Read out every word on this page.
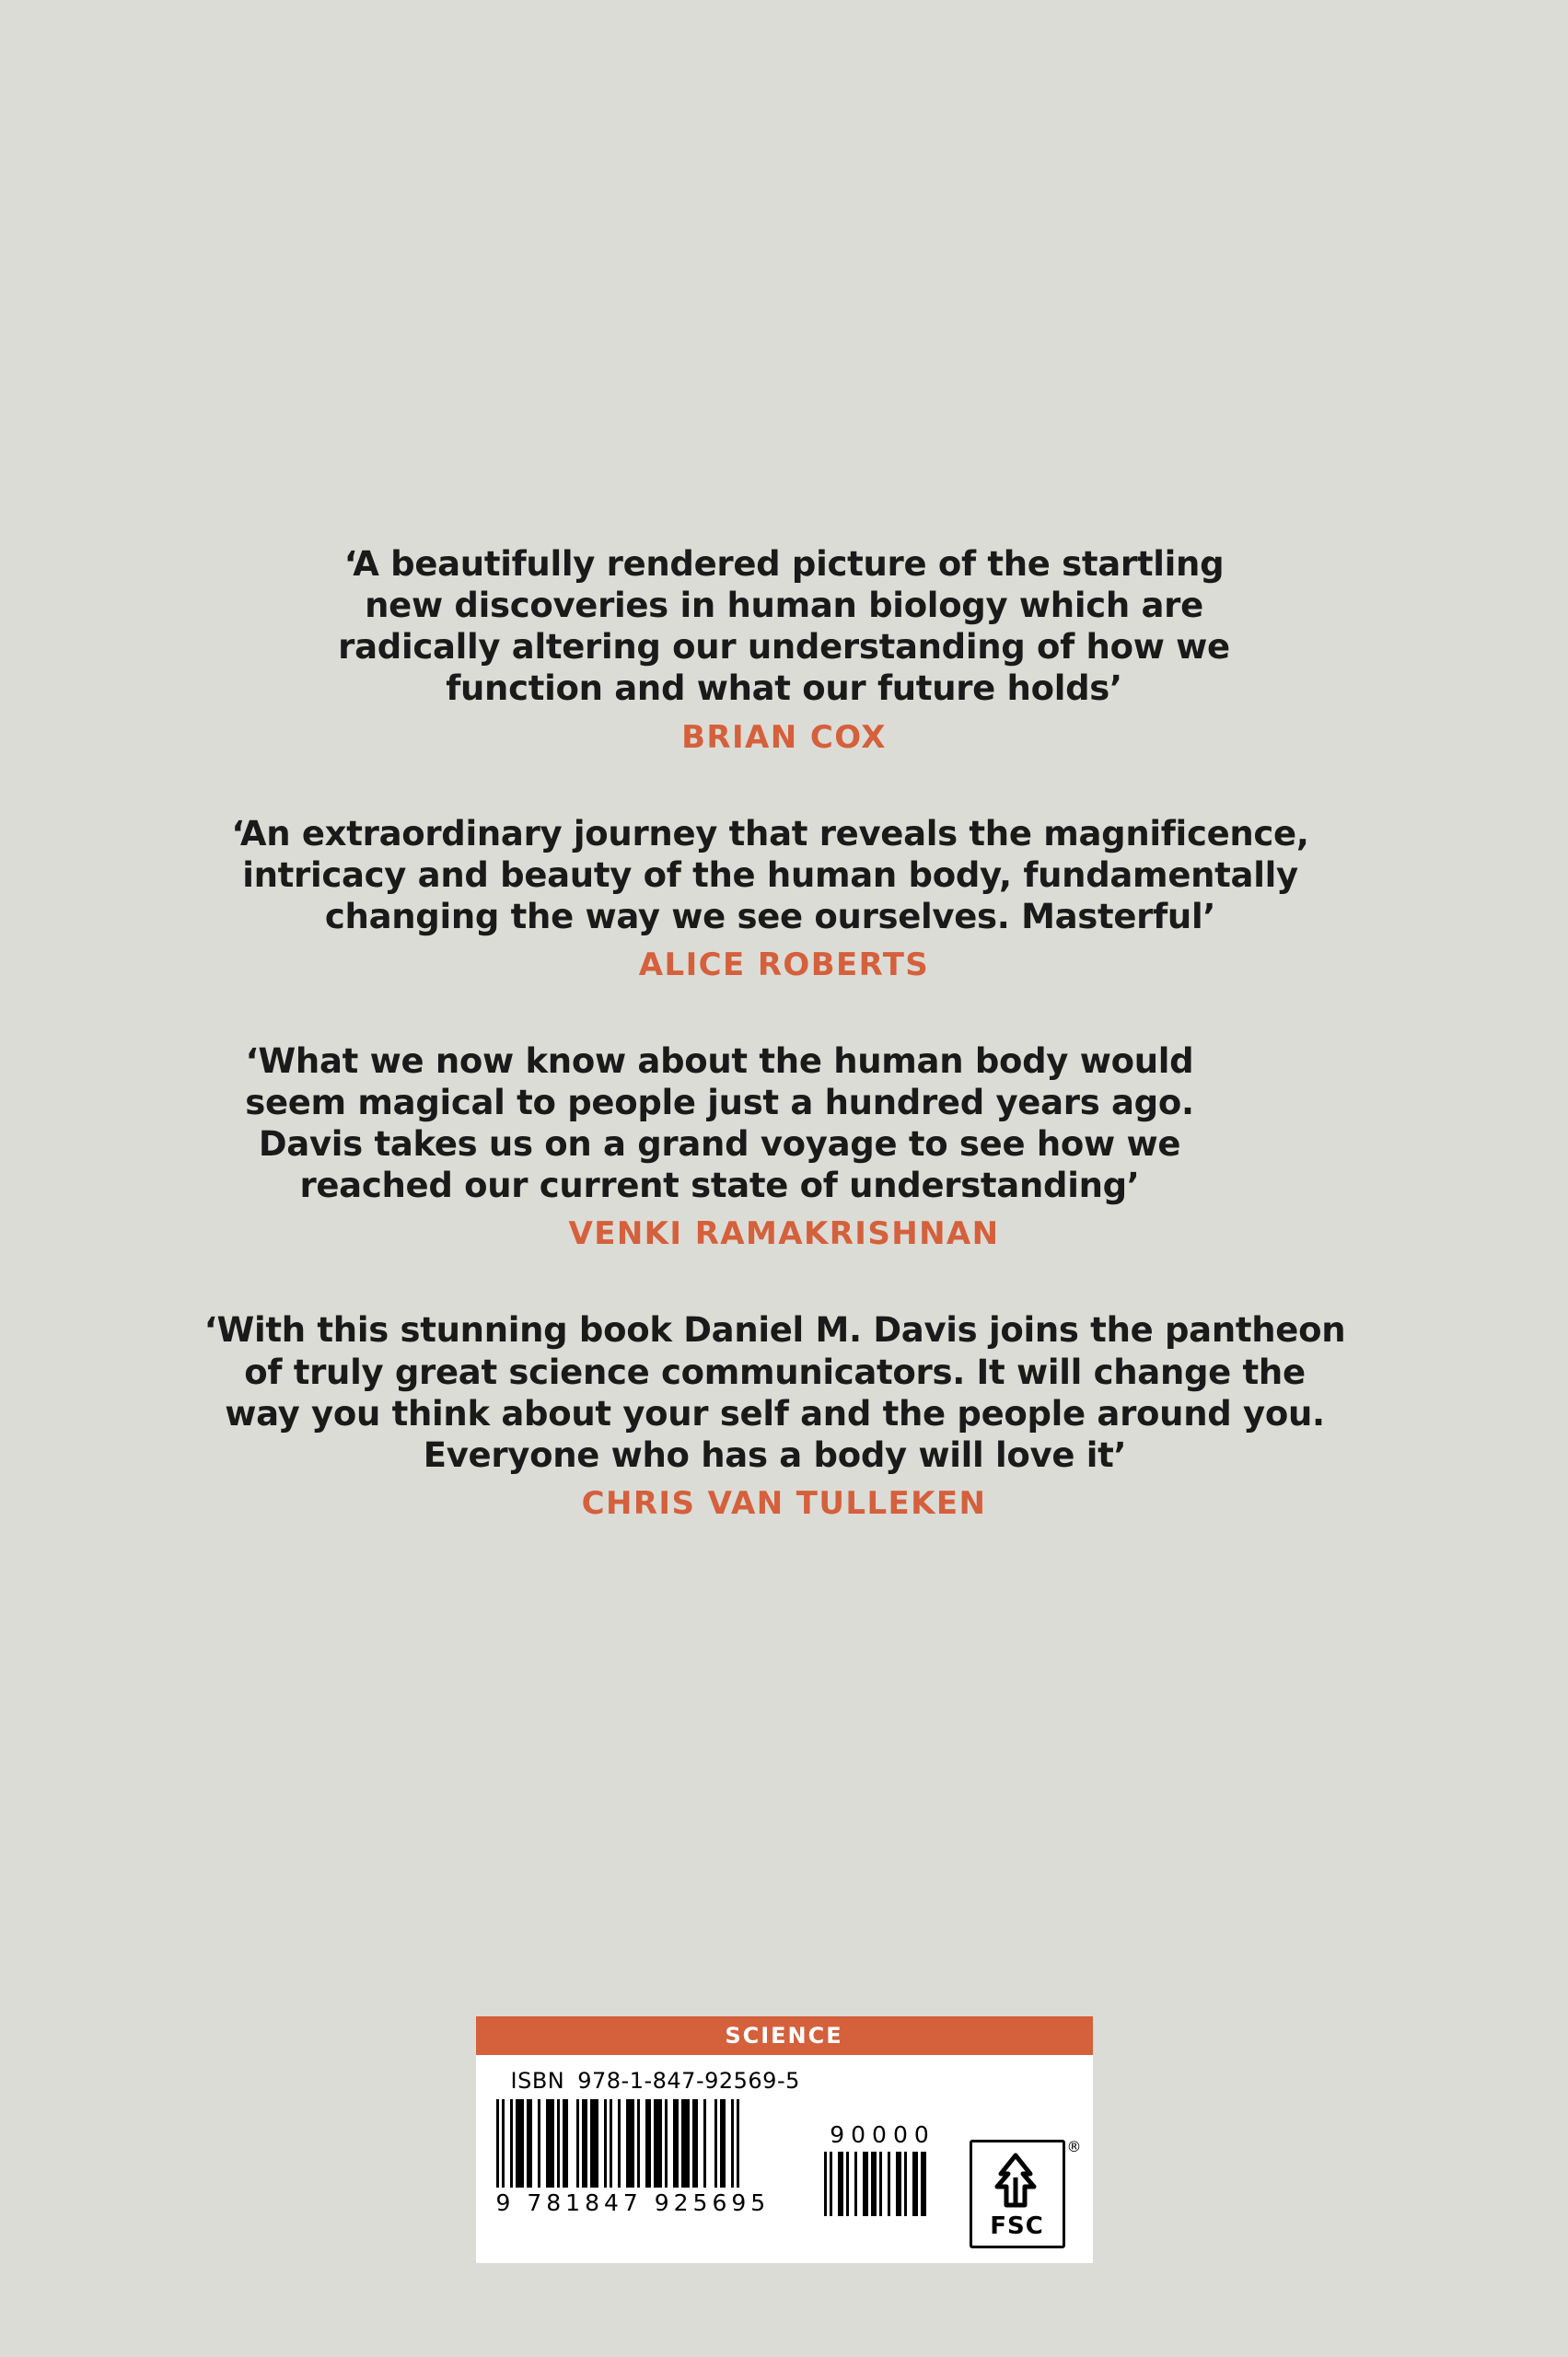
‘A beautifully rendered picture of the startling new discoveries in human biology which are radically altering our understanding of how we function and what our future holds’

BRIAN COX

‘An extraordinary journey that reveals the magnificence, intricacy and beauty of the human body, fundamentally changing the way we see ourselves. Masterful’

ALICE ROBERTS

‘What we now know about the human body would seem magical to people just a hundred years ago. Davis takes us on a grand voyage to see how we reached our current state of understanding’

VENKI RAMAKRISHNAN

‘With this stunning book Daniel M. Davis joins the pantheon of truly great science communicators. It will change the way you think about your self and the people around you. Everyone who has a body will love it’

CHRIS VAN TULLEKEN

SCIENCE
ISBN 978-1-847-92569-5
9 781847 925695
90000
FSC
®
